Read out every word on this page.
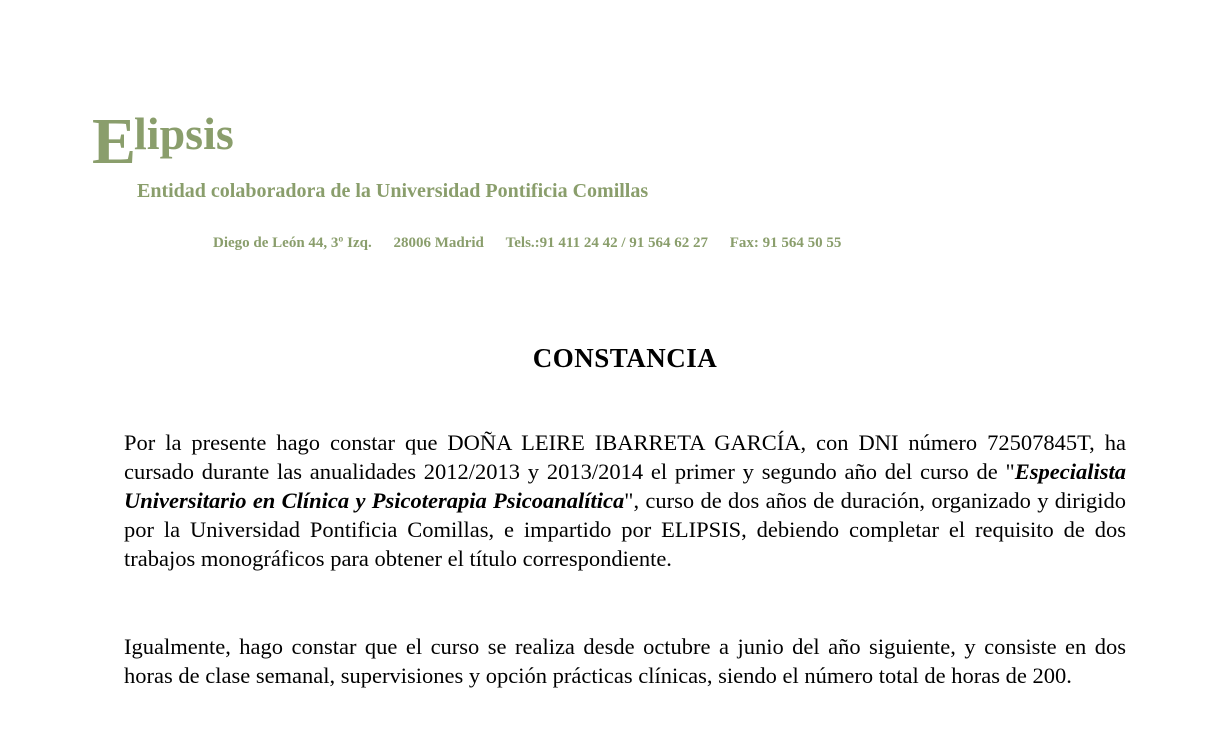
Elipsis
Entidad colaboradora de la Universidad Pontificia Comillas
Diego de León 44, 3º Izq. 28006 Madrid Tels.:91 411 24 42 / 91 564 62 27 Fax: 91 564 50 55
CONSTANCIA
Por la presente hago constar que DOÑA LEIRE IBARRETA GARCÍA, con DNI número 72507845T, ha cursado durante las anualidades 2012/2013 y 2013/2014 el primer y segundo año del curso de "Especialista Universitario en Clínica y Psicoterapia Psicoanalítica", curso de dos años de duración, organizado y dirigido por la Universidad Pontificia Comillas, e impartido por ELIPSIS, debiendo completar el requisito de dos trabajos monográficos para obtener el título correspondiente.
Igualmente, hago constar que el curso se realiza desde octubre a junio del año siguiente, y consiste en dos horas de clase semanal, supervisiones y opción prácticas clínicas, siendo el número total de horas de 200.
